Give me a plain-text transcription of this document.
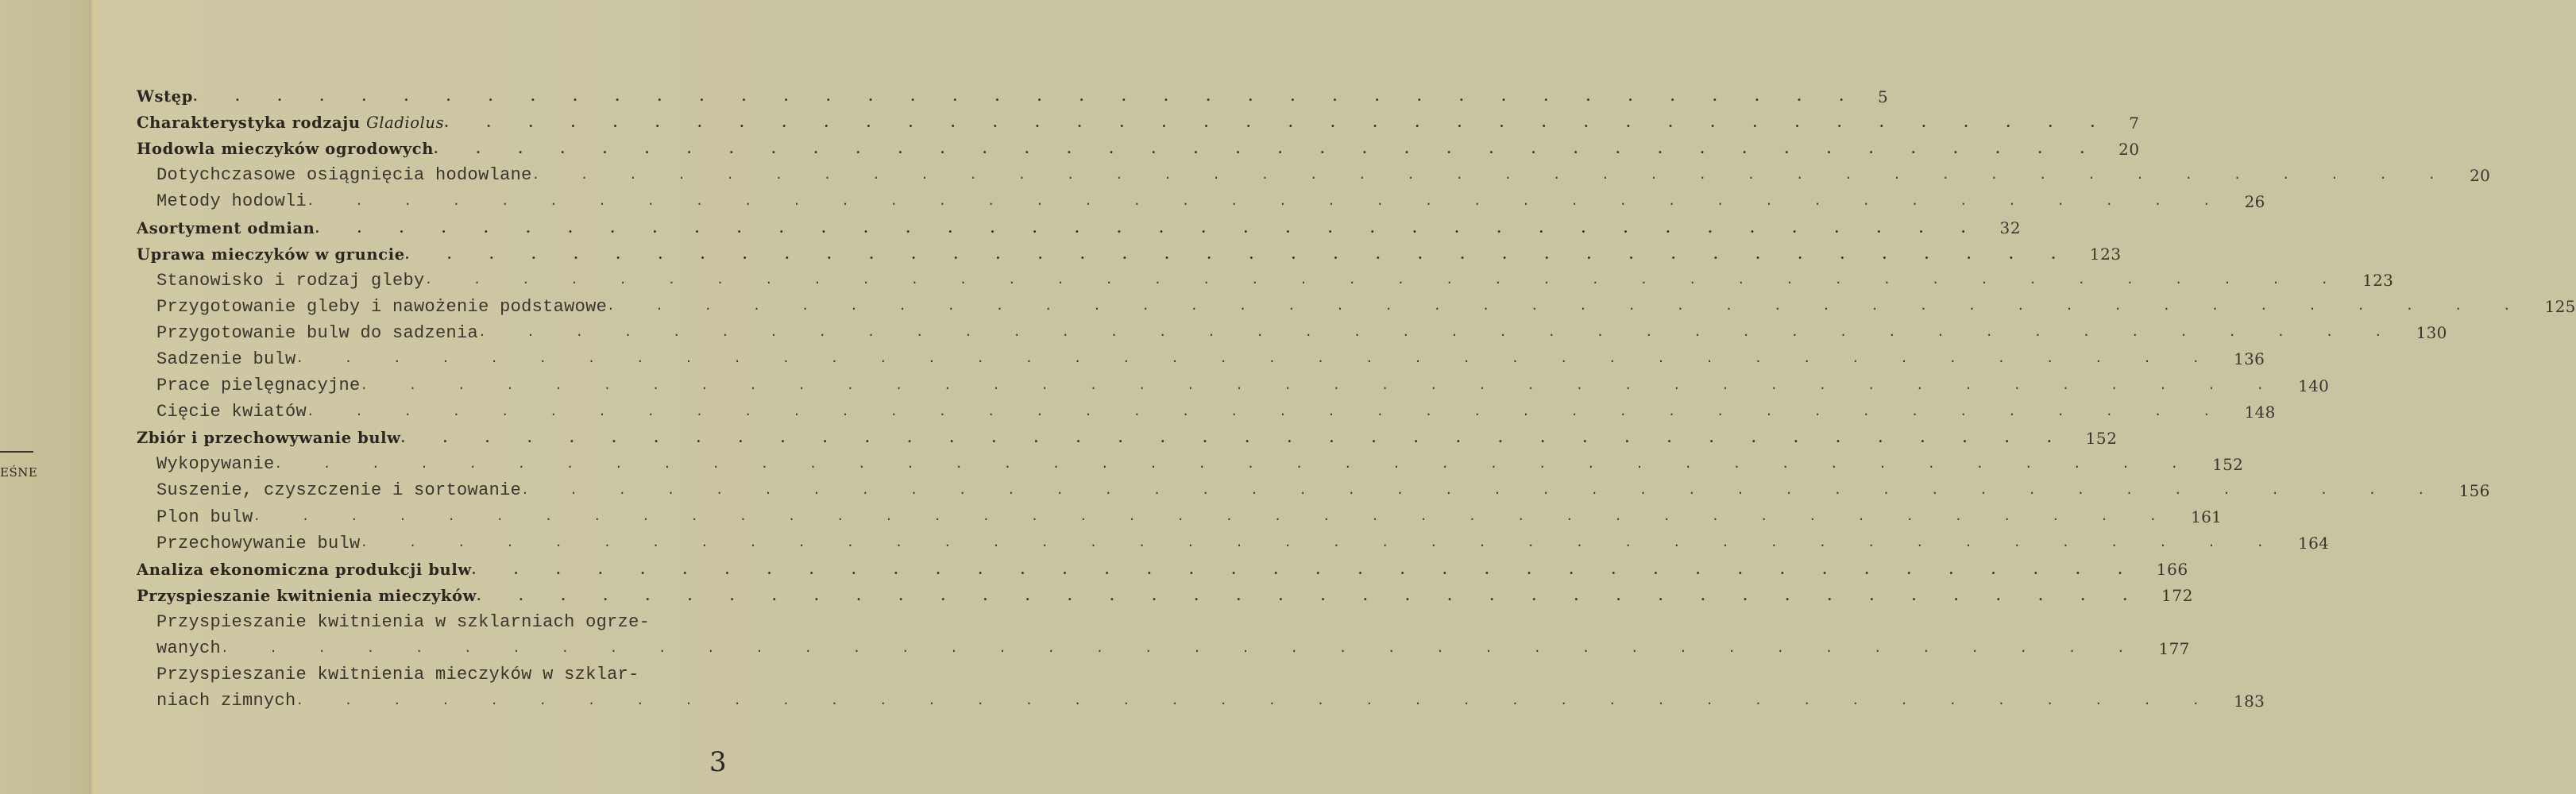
EŚNE
Wstęp . . . . . . . . . . . . . . . . . . . . . . . . . . . . . . . . . . . . . . . . 5
Charakterystyka rodzaju Gladiolus . . . . . . . . . . . . . . . . . . . . . . . . . . . . . . . . . . . . . . . . 7
Hodowla mieczyków ogrodowych . . . . . . . . . . . . . . . . . . . . . . . . . . . . . . . . . . . . . . . . 20
Dotychczasowe osiągnięcia hodowlane . . . . . . . . . . . . . . . . . . . . . . . . . . . . . . . . . . . . . . . . 20
Metody hodowli . . . . . . . . . . . . . . . . . . . . . . . . . . . . . . . . . . . . . . . . 26
Asortyment odmian . . . . . . . . . . . . . . . . . . . . . . . . . . . . . . . . . . . . . . . . 32
Uprawa mieczyków w gruncie . . . . . . . . . . . . . . . . . . . . . . . . . . . . . . . . . . . . . . . . 123
Stanowisko i rodzaj gleby . . . . . . . . . . . . . . . . . . . . . . . . . . . . . . . . . . . . . . . . 123
Przygotowanie gleby i nawożenie podstawowe . . . . . . . . . . . . . . . . . . . . . . . . . . . . . . . . . . . . . . . . 125
Przygotowanie bulw do sadzenia . . . . . . . . . . . . . . . . . . . . . . . . . . . . . . . . . . . . . . . . 130
Sadzenie bulw . . . . . . . . . . . . . . . . . . . . . . . . . . . . . . . . . . . . . . . . 136
Prace pielęgnacyjne . . . . . . . . . . . . . . . . . . . . . . . . . . . . . . . . . . . . . . . . 140
Cięcie kwiatów . . . . . . . . . . . . . . . . . . . . . . . . . . . . . . . . . . . . . . . . 148
Zbiór i przechowywanie bulw . . . . . . . . . . . . . . . . . . . . . . . . . . . . . . . . . . . . . . . . 152
Wykopywanie . . . . . . . . . . . . . . . . . . . . . . . . . . . . . . . . . . . . . . . . 152
Suszenie, czyszczenie i sortowanie . . . . . . . . . . . . . . . . . . . . . . . . . . . . . . . . . . . . . . . . 156
Plon bulw . . . . . . . . . . . . . . . . . . . . . . . . . . . . . . . . . . . . . . . . 161
Przechowywanie bulw . . . . . . . . . . . . . . . . . . . . . . . . . . . . . . . . . . . . . . . . 164
Analiza ekonomiczna produkcji bulw . . . . . . . . . . . . . . . . . . . . . . . . . . . . . . . . . . . . . . . . 166
Przyspieszanie kwitnienia mieczyków . . . . . . . . . . . . . . . . . . . . . . . . . . . . . . . . . . . . . . . . 172
Przyspieszanie kwitnienia w szklarniach ogrze-
wanych . . . . . . . . . . . . . . . . . . . . . . . . . . . . . . . . . . . . . . . . 177
Przyspieszanie kwitnienia mieczyków w szklar-
niach zimnych . . . . . . . . . . . . . . . . . . . . . . . . . . . . . . . . . . . . . . . . 183
3
